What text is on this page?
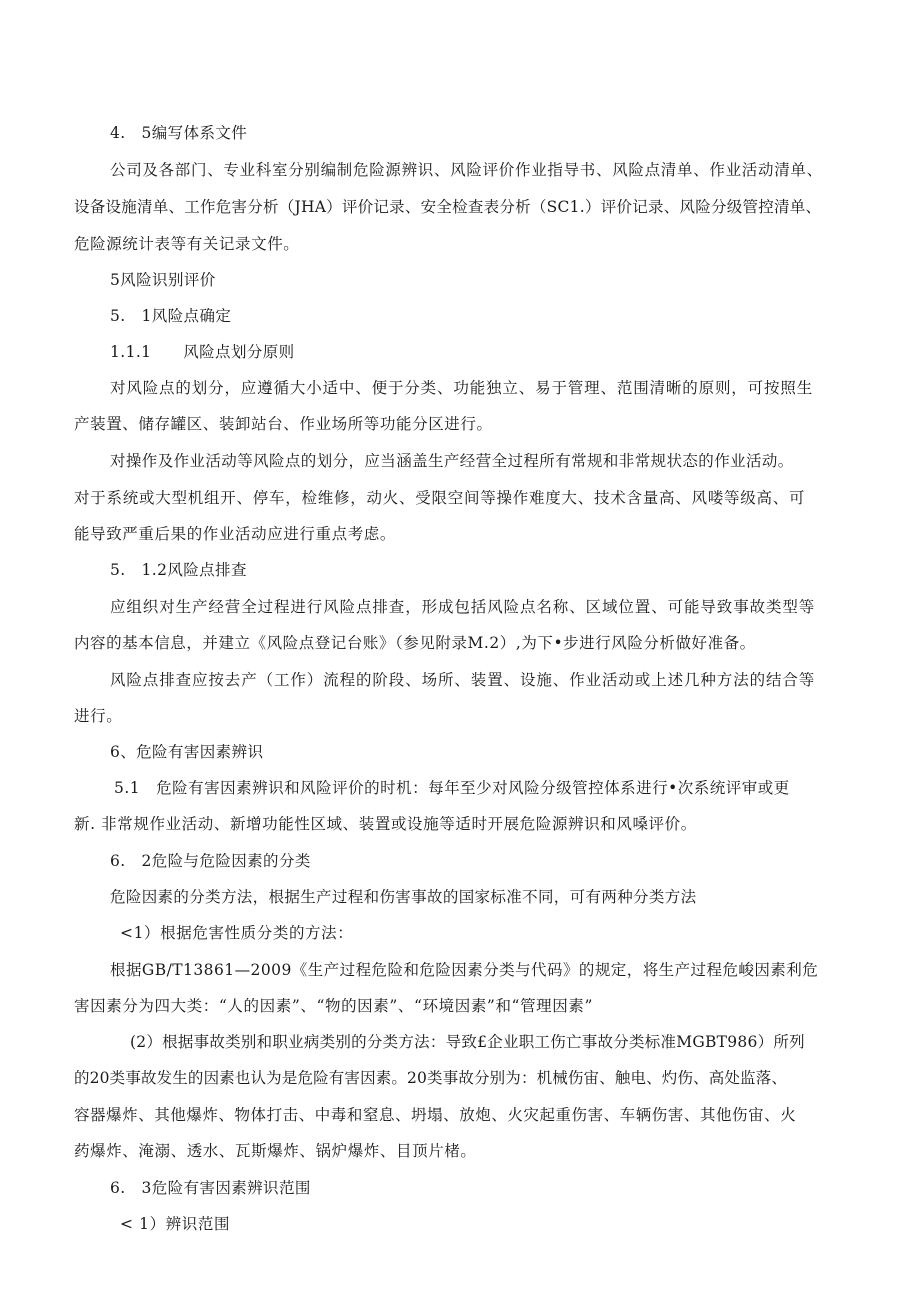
4.　5编写体系文件
公司及各部门、专业科室分别编制危险源辨识、风险评价作业指导书、风险点清单、作业活动清单、
设备设施清单、工作危害分析（JHA）评价记录、安全检查表分析（SC1.）评价记录、风险分级管控清单、
危险源统计表等有关记录文件。
5风险识别评价
5.　1风险点确定
1.1.1　　风险点划分原则
对风险点的划分，应遵循大小适中、便于分类、功能独立、易于管理、范围清晰的原则，可按照生
产装置、储存罐区、装卸站台、作业场所等功能分区进行。
对操作及作业活动等风险点的划分，应当涵盖生产经营全过程所有常规和非常规状态的作业活动。
对于系统或大型机组开、停车，检维修，动火、受限空间等操作难度大、技术含量高、风喽等级高、可
能导致严重后果的作业活动应进行重点考虑。
5.　1.2风险点排查
应组织对生产经营全过程进行风险点排查，形成包括风险点名称、区域位置、可能导致事故类型等
内容的基本信息，并建立《风险点登记台账》（参见附录M.2）,为下•步进行风险分析做好准备。
风险点排查应按去产（工作）流程的阶段、场所、装置、设施、作业活动或上述几种方法的结合等
进行。
6、危险有害因素辨识
5.1　危险有害因素辨识和风险评价的时机：每年至少对风险分级管控体系进行•次系统评审或更
新. 非常规作业活动、新增功能性区域、装置或设施等适时开展危险源辨识和风嗓评价。
6.　2危险与危险因素的分类
危险因素的分类方法，根据生产过程和伤害事故的国家标准不同，可有两种分类方法
<1）根据危害性质分类的方法：
根据GB/T13861—2009《生产过程危险和危险因素分类与代码》的规定，将生产过程危峻因素利危
害因素分为四大类：“人的因素”、“物的因素”、“环境因素”和“管理因素”
(2）根据事故类别和职业病类别的分类方法：导致£企业职工伤亡事故分类标准MGBT986）所列
的20类事故发生的因素也认为是危险有害因素。20类事故分别为：机械伤宙、触电、灼伤、高处监落、
容器爆炸、其他爆炸、物体打击、中毒和窒息、坍塌、放炮、火灾起重伤害、车辆伤害、其他伤宙、火
药爆炸、淹溺、透水、瓦斯爆炸、锅炉爆炸、目顶片楮。
6.　3危险有害因素辨识范围
< 1）辨识范围
